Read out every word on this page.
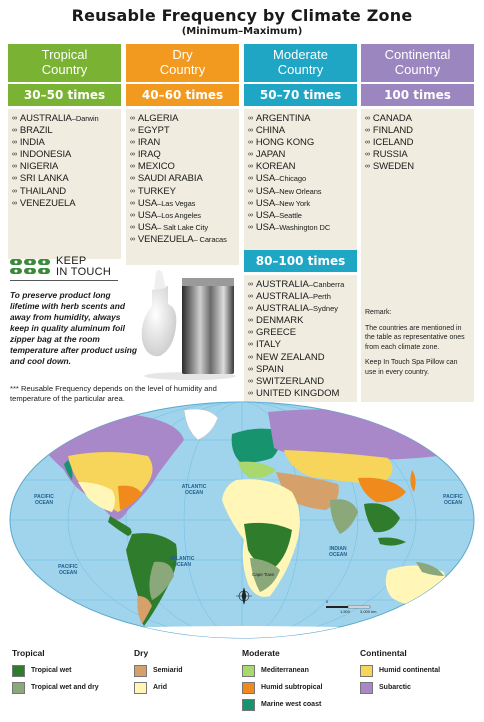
Reusable Frequency by Climate Zone
(Minimum–Maximum)
Tropical
Country
30–50 times
∞ AUSTRALIA–Darwin
∞ BRAZIL
∞ INDIA
∞ INDONESIA
∞ NIGERIA
∞ SRI LANKA
∞ THAILAND
∞ VENEZUELA
Dry
Country
40–60 times
∞ ALGERIA
∞ EGYPT
∞ IRAN
∞ IRAQ
∞ MEXICO
∞ SAUDI ARABIA
∞ TURKEY
∞ USA–Las Vegas
∞ USA–Los Angeles
∞ USA– Salt Lake City
∞ VENEZUELA– Caracas
Moderate
Country
50–70 times
∞ ARGENTINA
∞ CHINA
∞ HONG KONG
∞ JAPAN
∞ KOREAN
∞ USA–Chicago
∞ USA–New Orleans
∞ USA–New York
∞ USA–Seattle
∞ USA–Washington DC
Continental
Country
100 times
∞ CANADA
∞ FINLAND
∞ ICELAND
∞ RUSSIA
∞ SWEDEN
80–100 times
∞ AUSTRALIA–Canberra
∞ AUSTRALIA–Perth
∞ AUSTRALIA–Sydney
∞ DENMARK
∞ GREECE
∞ ITALY
∞ NEW ZEALAND
∞ SPAIN
∞ SWITZERLAND
∞ UNITED KINGDOM

Remark:

The countries are mentioned in the table as representative ones from each climate zone.

Keep In Touch Spa Pillow can use in every country.

KEEP
IN TOUCH
To preserve product long lifetime with herb scents and away from humidity, always keep in quality aluminum foil zipper bag at the room temperature after product using and cool down.
*** Reusable Frequency depends on the level of humidity and temperature of the particular area.
ATLANTIC
OCEAN
PACIFIC
OCEAN
PACIFIC
OCEAN
ATLANTIC
OCEAN
PACIFIC
OCEAN
INDIAN
OCEAN
Cape Town
0
1,500 3,000 km
Tropical
Tropical wet
Tropical wet and dry
Dry
Semiarid
Arid
Moderate
Mediterranean
Humid subtropical
Marine west coast
Continental
Humid continental
Subarctic
